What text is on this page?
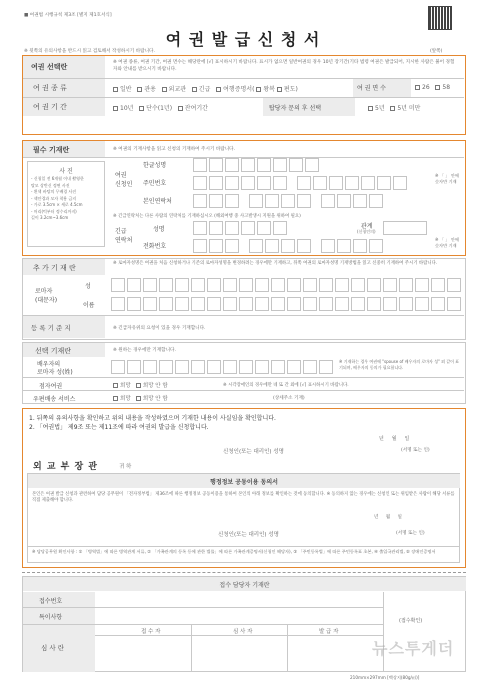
■ 여권법 시행규칙 제3조 [별지 제1호서식]
여 권 발 급 신 청 서
※ 뒷쪽의 유의사항을 반드시 읽고 검토해서 작성하시기 바랍니다.	(앞쪽)
여권 선택란
※ 여권 종류, 여권 기간, 여권 면수는 해당란에 [√] 표시하시기 바랍니다. 표시가 없으면 일반여권의 경우 10년 장기간(기타 법령 여권은 발급되어, 지시한 사람은 붉어 경험자와 안내를 받으시기 바랍니다.
여 권 종 류	일반 관용 외교관 긴급 여행증명서( 왕복 편도)	여 권 면 수	26 58
여 권 기 간	10년 단수(1년) 잔여기간	탑당자 문의 후 선택	5년 5년 미만
필수 기재란	※ 여권의 기재사항을 읽고 신청의 기재하여 주시기 바랍니다.
사 진
- 신청일 전 6개월 이내 촬영한
탈모 상반신 정면 사진
- 흰색 바탕의 무배경 사진
- 색안경과 모자 착용 금지
- 가로 3.5cm × 세로 4.5cm
- 머리(턱부터 정수리까지)
길이 3.2cm~3.6cm
여권
신청인
한글성명
주민번호
본인연락처
※ 「 」 안에
숫자만 기재
※ 긴급연락처는 다른 사람의 연락처를 기재하십시오 (해외여행 중 사고발생시 지원을 위하여 필요)
긴급
연락처
성명
전화번호
관계
(신청인의)
※ 「 」 안에
숫자만 기재
추 가 기 재 란
※ 로마자성명은 여권을 처음 신청하거나 기존의 로마자성명을 변경하려는 경우에만 기재하고, 뒤쪽 여권의 로마자성명 기재방법을 읽고 신중히 기재하여 주시기 바랍니다.
로마자
(대문자)
성
이름
등 록 기 준 지	※ 긴급자유위의 요청이 있을 경우 기재합니다.
선택 기재란	※ 원하는 경우에만 기재합니다.
배우자의
로마자 성(姓)
※ 기재하는 경우 여권에 "spouse of 배우자의 로마자 성" 외 같이 표기되며, 배우자의 동의가 필요합니다.
점자여권	희망 희망 안 함	※ 시각장애인의 경우에만 네 또 간 외에 [√] 표시하시기 바랍니다.
우편배송 서비스	희망 희망 안 함	(상세주소 기재)
1. 뒤쪽의 유의사항을 확인하고 위의 내용을 작성하였으며 기재한 내용이 사실임을 확인합니다.
2. 「여권법」 제9조 또는 제11조에 따라 여권의 발급을 신청합니다.
년     월     일
신청인(또는 대리인) 성명	(서명 또는 인)
외 교 부 장 관	귀 하
행정정보 공동이용 동의서
본인은 여권 발급 신청과 관련하여 담당 공무원이 「전자정부법」 제36조에 따른 행정정보 공동이용을 통하여 본인의 아래 정보를 확인하는 것에 동의합니다. ※ 동의하지 않는 경우에는 신청인 또는 위임받은 사람이 해당 서류를 직접 제출해야 합니다.
년     월     일
신청인(또는 대리인) 성명	(서명 또는 인)
※ 담당공무원 확인사항 : ① 「병역법」에 따른 병역관계 서류, ② 「가족관계의 등록 등에 관한 법률」에 따른 가족관계증명서(신청인 해당자), ③ 「주민등록법」에 따른 주민등록표 초본, ④ 출입국관리법, ⑤ 장애인증명서
접수 담당자 기재란
접수번호
특이사항
심 사 란
접 수 자	심 사 자	발 급 자
(접수확인)
210mm×297mm [백상지(80g/㎡)]
뉴스투게더
